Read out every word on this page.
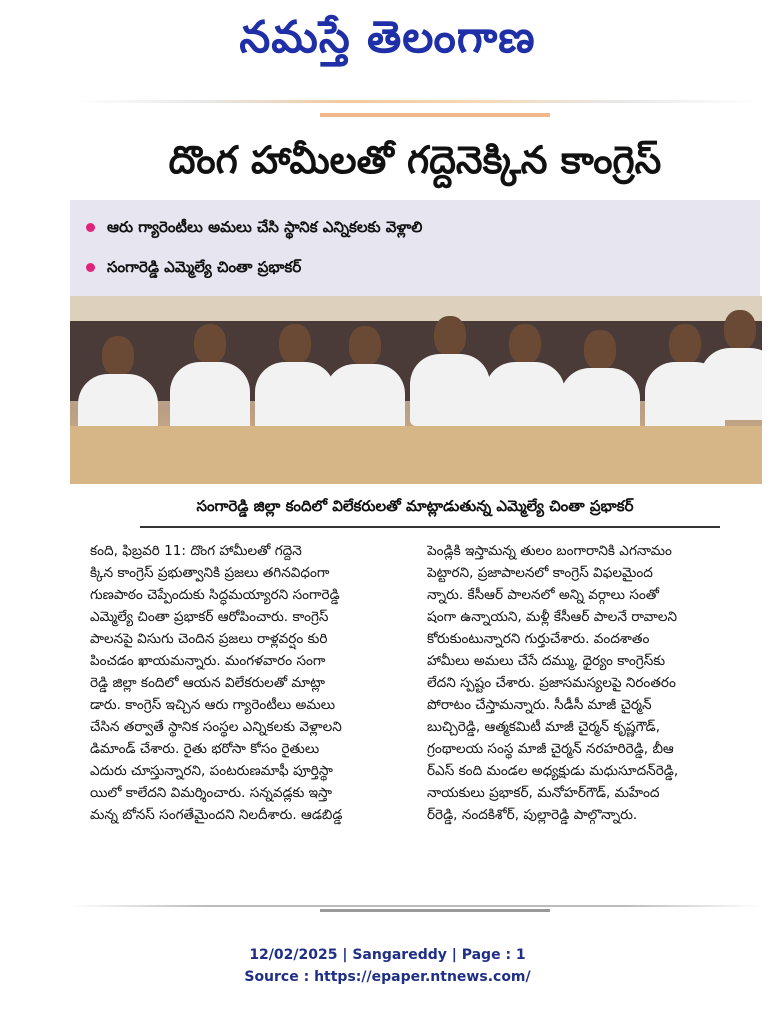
నమస్తే తెలంగాణ
దొంగ హామీలతో గద్దెనెక్కిన కాంగ్రెస్
ఆరు గ్యారెంటీలు అమలు చేసి స్థానిక ఎన్నికలకు వెళ్లాలి
సంగారెడ్డి ఎమ్మెల్యే చింతా ప్రభాకర్
సంగారెడ్డి జిల్లా కందిలో విలేకరులతో మాట్లాడుతున్న ఎమ్మెల్యే చింతా ప్రభాకర్
కంది, ఫిబ్రవరి 11: దొంగ హామీలతో గద్దెనె
క్కిన కాంగ్రెస్ ప్రభుత్వానికి ప్రజలు తగినవిధంగా
గుణపాఠం చెప్పేందుకు సిద్ధమయ్యారని సంగారెడ్డి
ఎమ్మెల్యే చింతా ప్రభాకర్ ఆరోపించారు. కాంగ్రెస్
పాలనపై విసుగు చెందిన ప్రజలు రాళ్లవర్షం కురి
పించడం ఖాయమన్నారు. మంగళవారం సంగా
రెడ్డి జిల్లా కందిలో ఆయన విలేకరులతో మాట్లా
డారు. కాంగ్రెస్ ఇచ్చిన ఆరు గ్యారెంటీలు అమలు
చేసిన తర్వాతే స్థానిక సంస్థల ఎన్నికలకు వెళ్లాలని
డిమాండ్ చేశారు. రైతు భరోసా కోసం రైతులు
ఎదురు చూస్తున్నారని, పంటరుణమాఫీ పూర్తిస్థా
యిలో కాలేదని విమర్శించారు. సన్నవడ్లకు ఇస్తా
మన్న బోనస్ సంగతేమైందని నిలదీశారు. ఆడబిడ్డ
పెండ్లికి ఇస్తామన్న తులం బంగారానికి ఎగనామం
పెట్టారని, ప్రజాపాలనలో కాంగ్రెస్ విఫలమైంద
న్నారు. కేసీఆర్ పాలనలో అన్ని వర్గాలు సంతో
షంగా ఉన్నాయని, మళ్లీ కేసీఆర్ పాలనే రావాలని
కోరుకుంటున్నారని గుర్తుచేశారు. వందశాతం
హామీలు అమలు చేసే దమ్ము, ధైర్యం కాంగ్రెస్‌కు
లేదని స్పష్టం చేశారు. ప్రజాసమస్యలపై నిరంతరం
పోరాటం చేస్తామన్నారు. సీడీసీ మాజీ చైర్మన్
బుచ్చిరెడ్డి, ఆత్మకమిటీ మాజీ చైర్మన్ కృష్ణగౌడ్,
గ్రంథాలయ సంస్థ మాజీ చైర్మన్ నరహరిరెడ్డి, బీఆ
ర్ఎస్ కంది మండల అధ్యక్షుడు మధుసూదన్‌రెడ్డి,
నాయకులు ప్రభాకర్, మనోహర్‌గౌడ్, మహేంద
ర్‌రెడ్డి, నందకిశోర్, పుల్లారెడ్డి పాల్గొన్నారు.
12/02/2025 | Sangareddy | Page : 1
Source : https://epaper.ntnews.com/
